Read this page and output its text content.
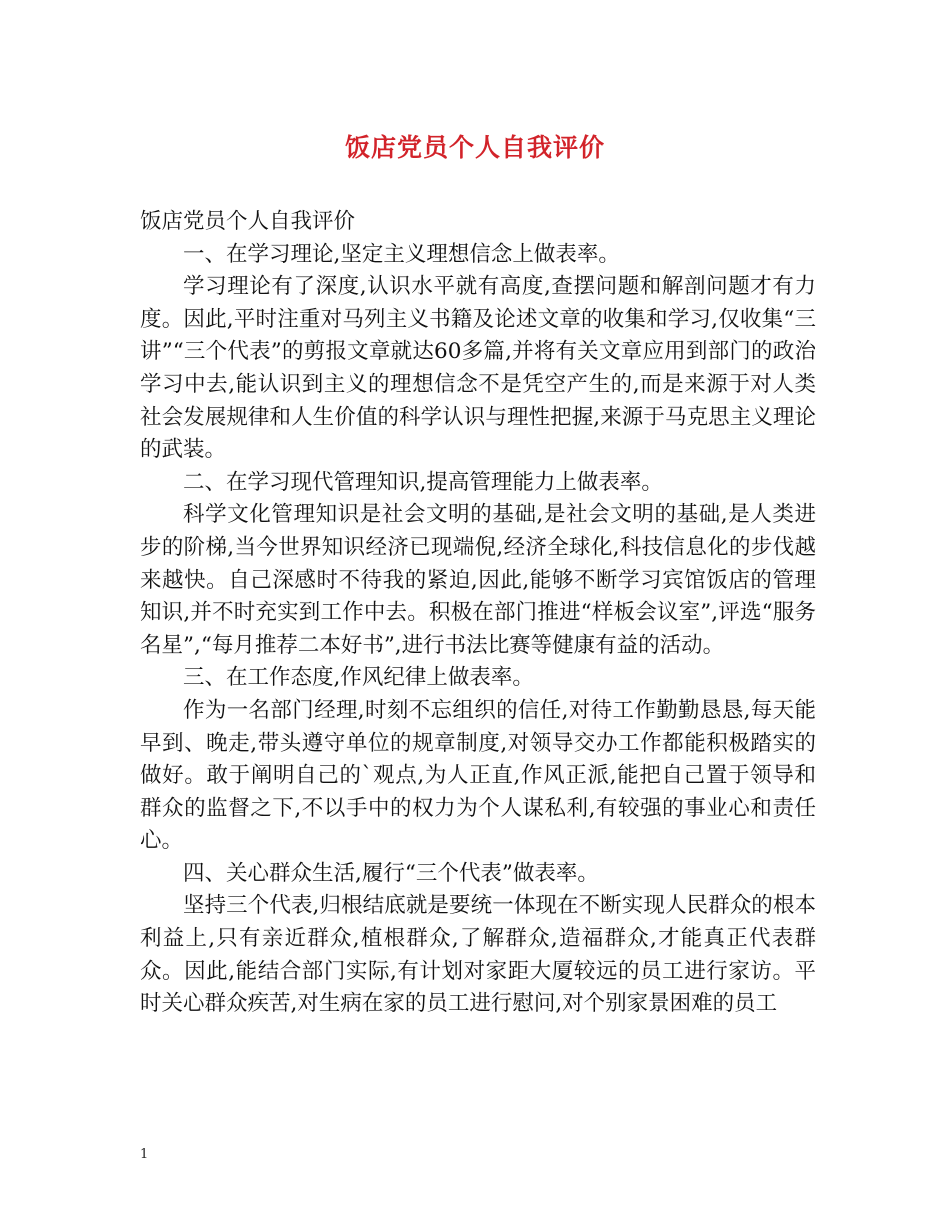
饭店党员个人自我评价

饭店党员个人自我评价

一、在学习理论,坚定主义理想信念上做表率。

学习理论有了深度,认识水平就有高度,查摆问题和解剖问题才有力度。因此,平时注重对马列主义书籍及论述文章的收集和学习,仅收集“三讲”“三个代表”的剪报文章就达60多篇,并将有关文章应用到部门的政治学习中去,能认识到主义的理想信念不是凭空产生的,而是来源于对人类社会发展规律和人生价值的科学认识与理性把握,来源于马克思主义理论的武装。

二、在学习现代管理知识,提高管理能力上做表率。

科学文化管理知识是社会文明的基础,是社会文明的基础,是人类进步的阶梯,当今世界知识经济已现端倪,经济全球化,科技信息化的步伐越来越快。自己深感时不待我的紧迫,因此,能够不断学习宾馆饭店的管理知识,并不时充实到工作中去。积极在部门推进“样板会议室”,评选“服务名星”,“每月推荐二本好书”,进行书法比赛等健康有益的活动。

三、在工作态度,作风纪律上做表率。

作为一名部门经理,时刻不忘组织的信任,对待工作勤勤恳恳,每天能早到、晚走,带头遵守单位的规章制度,对领导交办工作都能积极踏实的做好。敢于阐明自己的`观点,为人正直,作风正派,能把自己置于领导和群众的监督之下,不以手中的权力为个人谋私利,有较强的事业心和责任心。

四、关心群众生活,履行“三个代表”做表率。

坚持三个代表,归根结底就是要统一体现在不断实现人民群众的根本利益上,只有亲近群众,植根群众,了解群众,造福群众,才能真正代表群众。因此,能结合部门实际,有计划对家距大厦较远的员工进行家访。平时关心群众疾苦,对生病在家的员工进行慰问,对个别家景困难的员工

1
